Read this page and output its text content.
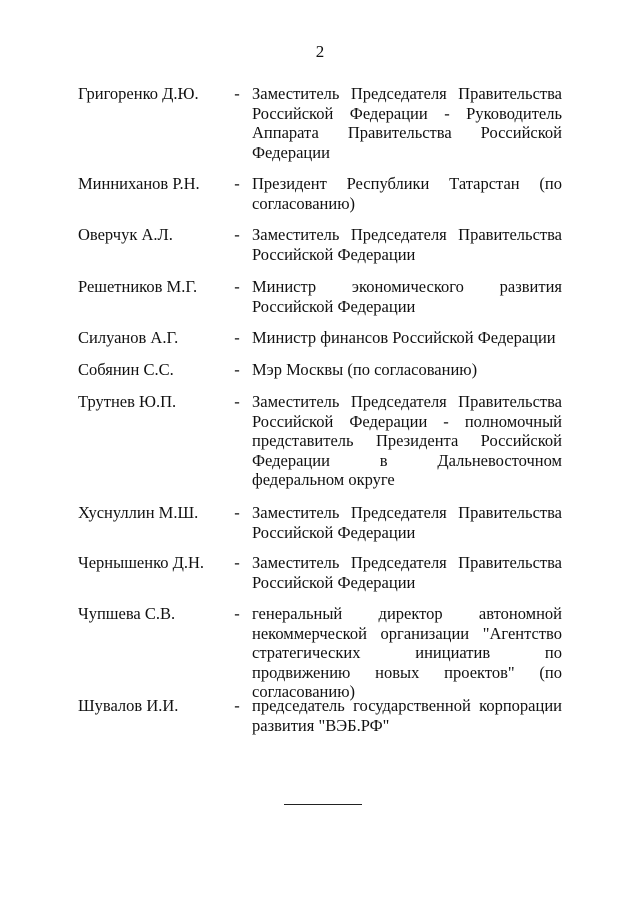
2
Григоренко Д.Ю.	- Заместитель Председателя Правительства Российской Федерации - Руководитель Аппарата Правительства Российской Федерации
Минниханов Р.Н.	- Президент Республики Татарстан (по согласованию)
Оверчук А.Л.	- Заместитель Председателя Правительства Российской Федерации
Решетников М.Г.	- Министр экономического развития Российской Федерации
Силуанов А.Г.	- Министр финансов Российской Федерации
Собянин С.С.	- Мэр Москвы (по согласованию)
Трутнев Ю.П.	- Заместитель Председателя Правительства Российской Федерации - полномочный представитель Президента Российской Федерации в Дальневосточном федеральном округе
Хуснуллин М.Ш.	- Заместитель Председателя Правительства Российской Федерации
Чернышенко Д.Н.	- Заместитель Председателя Правительства Российской Федерации
Чупшева С.В.	- генеральный директор автономной некоммерческой организации "Агентство стратегических инициатив по продвижению новых проектов" (по согласованию)
Шувалов И.И.	- председатель государственной корпорации развития "ВЭБ.РФ"
